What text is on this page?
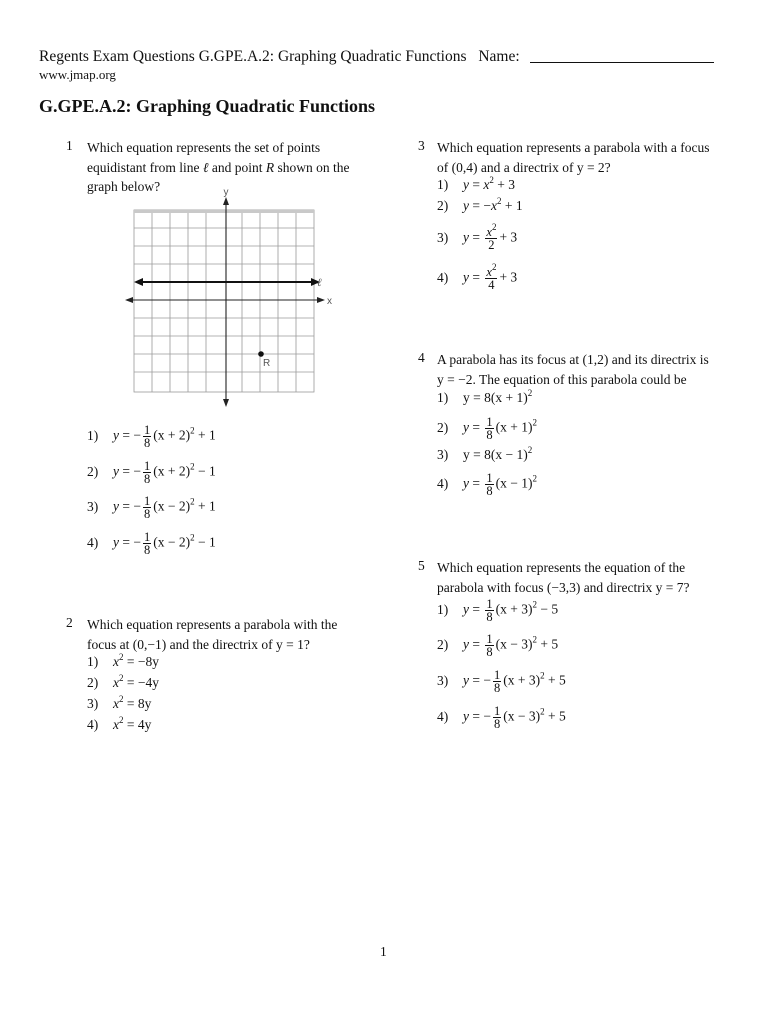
Regents Exam Questions G.GPE.A.2: Graphing Quadratic Functions Name:
www.jmap.org
G.GPE.A.2: Graphing Quadratic Functions
1 Which equation represents the set of points
equidistant from line ℓ and point R shown on the
graph below?	y
x
ℓ
R
1) y = − $\frac{1}{8} (x + 2)^2 + 1$
2) y = − $\frac{1}{8} (x + 2)^2 - 1$
3) y = − $\frac{1}{8} (x - 2)^2 + 1$
4) y = − $\frac{1}{8} (x - 2)^2 - 1$
2 Which equation represents a parabola with the
focus at (0,−1) and the directrix of y = 1?
1) $x^2 = -8y$
2) $x^2 = -4y$
3) $x^2 = 8y$
4) $x^2 = 4y$
3 Which equation represents a parabola with a focus
of (0,4) and a directrix of y = 2?
1) $y = x^2 + 3$
2) $y = -x^2 + 1$
3) $y = \frac{x^2}{2} + 3$
4) $y = \frac{x^2}{4} + 3$
4 A parabola has its focus at (1,2) and its directrix is
y = −2. The equation of this parabola could be
1) $y = 8(x + 1)^2$
2) $y = \frac{1}{8} (x + 1)^2$
3) $y = 8(x - 1)^2$
4) $y = \frac{1}{8} (x - 1)^2$
5 Which equation represents the equation of the
parabola with focus (−3,3) and directrix y = 7?
1) $y = \frac{1}{8} (x + 3)^2 - 5$
2) $y = \frac{1}{8} (x - 3)^2 + 5$
3) y = − $\frac{1}{8} (x + 3)^2 + 5$
4) y = − $\frac{1}{8} (x - 3)^2 + 5$
1
